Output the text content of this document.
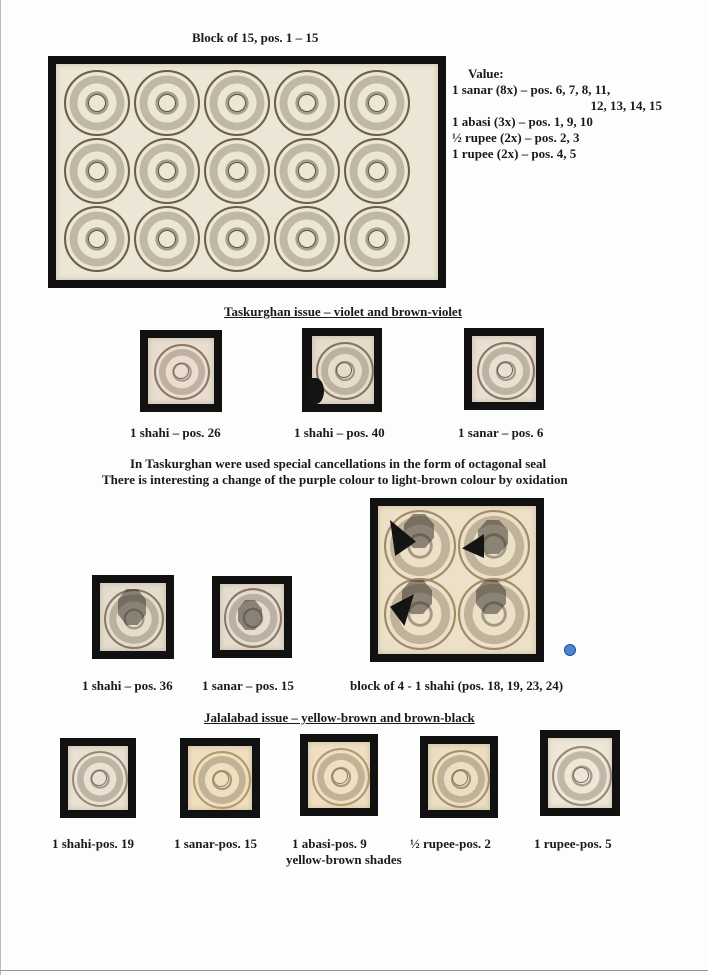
Block of 15, pos. 1 – 15
Value:
1 sanar (8x) – pos. 6, 7, 8, 11,
12, 13, 14, 15
1 abasi (3x) – pos. 1, 9, 10
½ rupee (2x) – pos. 2, 3
1 rupee (2x) – pos. 4, 5
Taskurghan issue – violet and brown-violet
1 shahi – pos. 26	1 shahi – pos. 40	1 sanar – pos. 6
In Taskurghan were used special cancellations in the form of octagonal seal
There is interesting a change of the purple colour to light-brown colour by oxidation
1 shahi – pos. 36 1 sanar – pos. 15	block of 4 - 1 shahi (pos. 18, 19, 23, 24)
Jalalabad issue – yellow-brown and brown-black
1 shahi-pos. 19	1 sanar-pos. 15	1 abasi-pos. 9	½ rupee-pos. 2	1 rupee-pos. 5
yellow-brown shades
